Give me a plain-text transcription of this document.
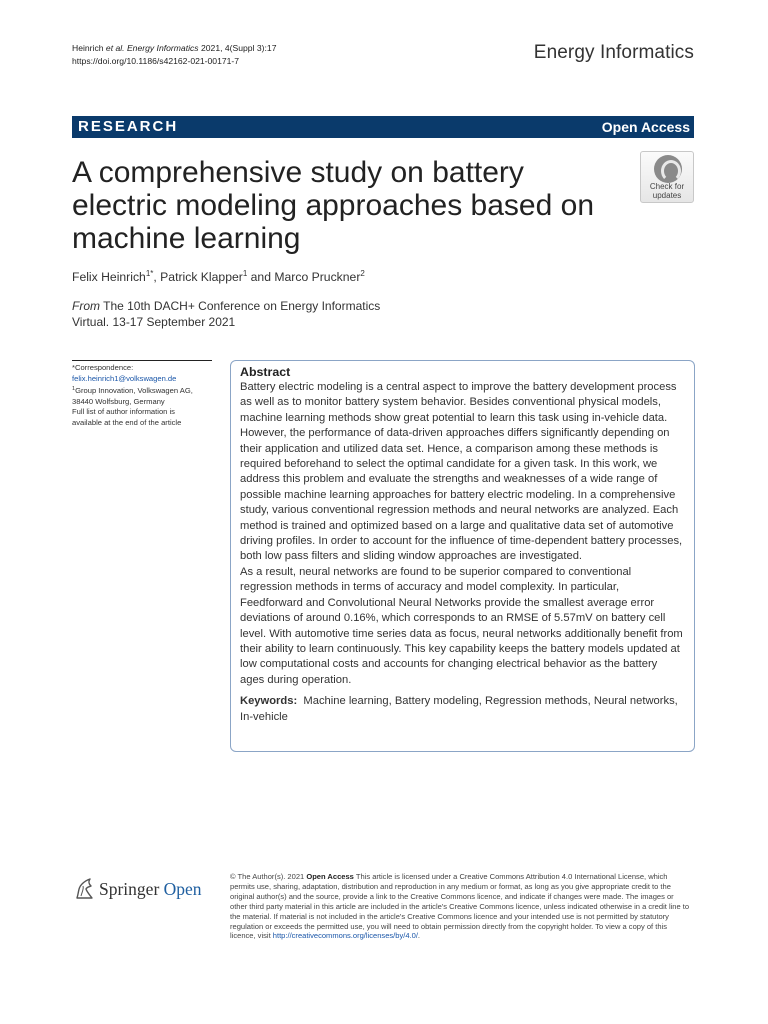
Heinrich et al. Energy Informatics 2021, 4(Suppl 3):17
https://doi.org/10.1186/s42162-021-00171-7	Energy Informatics
RESEARCH	Open Access
A comprehensive study on battery electric modeling approaches based on machine learning
Check for
updates
Felix Heinrich$^{1*}$, Patrick Klapper$^1$ and Marco Pruckner$^2$
From The 10th DACH+ Conference on Energy Informatics
Virtual. 13-17 September 2021
*Correspondence:
felix.heinrich1@volkswagen.de
$^1$Group Innovation, Volkswagen AG,
38440 Wolfsburg, Germany
Full list of author information is
available at the end of the article
Abstract

Battery electric modeling is a central aspect to improve the battery development process as well as to monitor battery system behavior. Besides conventional physical models, machine learning methods show great potential to learn this task using in-vehicle data. However, the performance of data-driven approaches differs significantly depending on their application and utilized data set. Hence, a comparison among these methods is required beforehand to select the optimal candidate for a given task. In this work, we address this problem and evaluate the strengths and weaknesses of a wide range of possible machine learning approaches for battery electric modeling. In a comprehensive study, various conventional regression methods and neural networks are analyzed. Each method is trained and optimized based on a large and qualitative data set of automotive driving profiles. In order to account for the influence of time-dependent battery processes, both low pass filters and sliding window approaches are investigated.

As a result, neural networks are found to be superior compared to conventional regression methods in terms of accuracy and model complexity. In particular, Feedforward and Convolutional Neural Networks provide the smallest average error deviations of around 0.16%, which corresponds to an RMSE of 5.57mV on battery cell level. With automotive time series data as focus, neural networks additionally benefit from their ability to learn continuously. This key capability keeps the battery models updated at low computational costs and accounts for changing electrical behavior as the battery ages during operation.

Keywords: Machine learning, Battery modeling, Regression methods, Neural networks, In-vehicle

Springer Open
© The Author(s). 2021 Open Access This article is licensed under a Creative Commons Attribution 4.0 International License, which permits use, sharing, adaptation, distribution and reproduction in any medium or format, as long as you give appropriate credit to the original author(s) and the source, provide a link to the Creative Commons licence, and indicate if changes were made. The images or other third party material in this article are included in the article's Creative Commons licence, unless indicated otherwise in a credit line to the material. If material is not included in the article's Creative Commons licence and your intended use is not permitted by statutory regulation or exceeds the permitted use, you will need to obtain permission directly from the copyright holder. To view a copy of this licence, visit http://creativecommons.org/licenses/by/4.0/.
